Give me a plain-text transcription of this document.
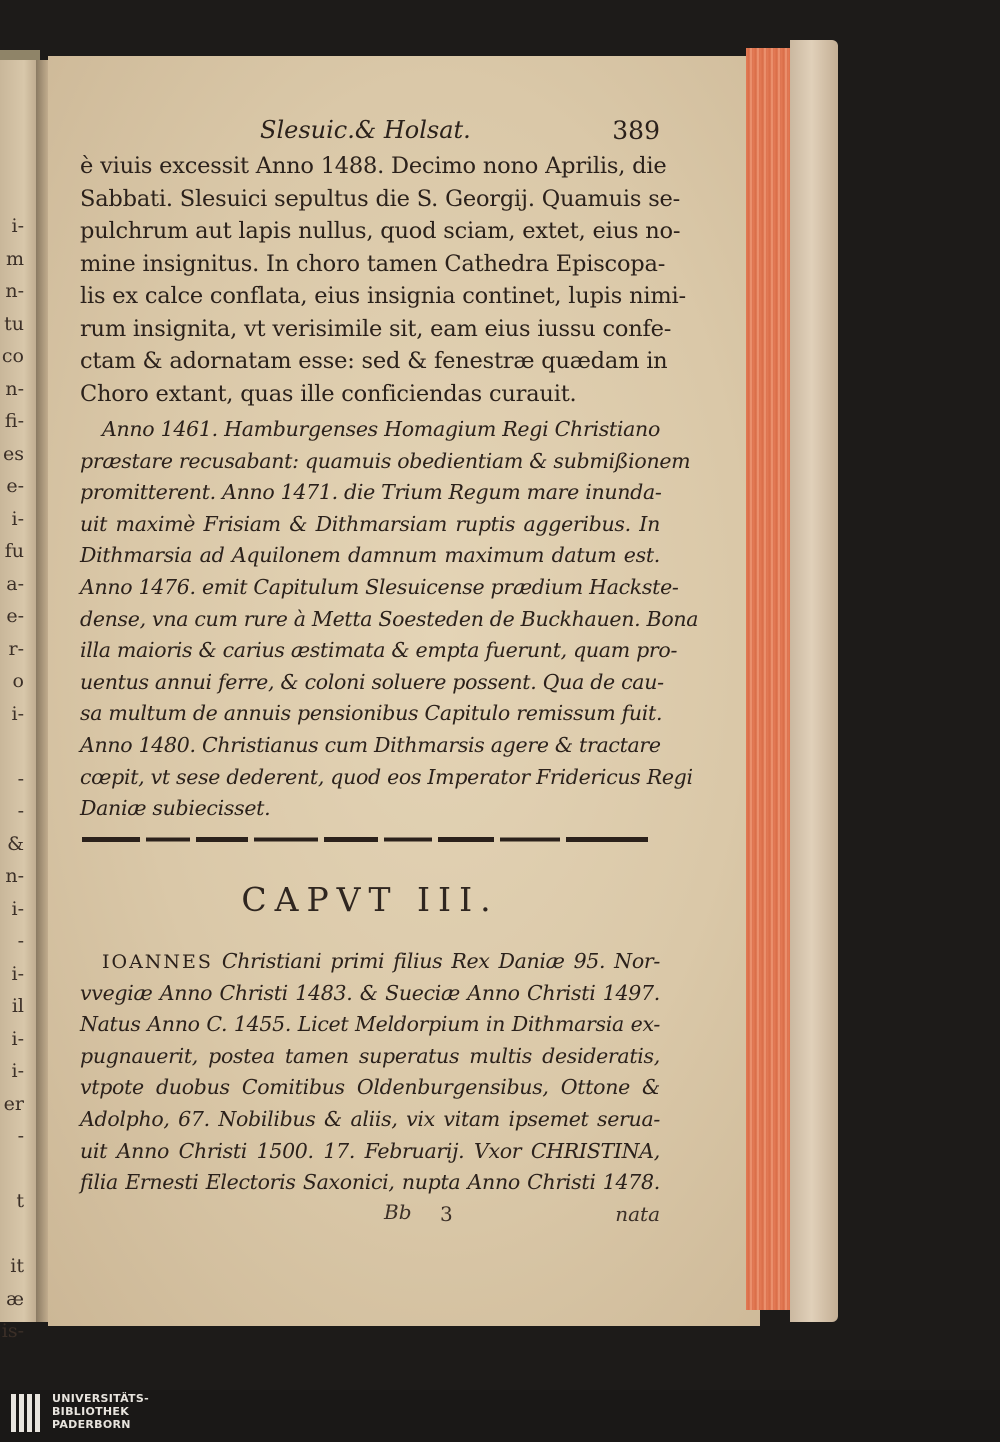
i-
m
n-
tu
co
n-
fi-
es
e-
i-
fu
a-
e-
r-
o
i-

-
-
&
n-
i-
-
i-
il
i-
i-
er
-

t

it
æ
is-
Slesuic.& Holsat.	389
è viuis excessit Anno 1488. Decimo nono Aprilis, die
Sabbati. Slesuici sepultus die S. Georgij. Quamuis se-
pulchrum aut lapis nullus, quod sciam, extet, eius no-
mine insignitus. In choro tamen Cathedra Episcopa-
lis ex calce conflata, eius insignia continet, lupis nimi-
rum insignita, vt verisimile sit, eam eius iussu confe-
ctam & adornatam esse: sed & fenestræ quædam in
Choro extant, quas ille conficiendas curauit.
Anno 1461. Hamburgenses Homagium Regi Christiano
præstare recusabant: quamuis obedientiam & submißionem
promitterent. Anno 1471. die Trium Regum mare inunda-
uit maximè Frisiam & Dithmarsiam ruptis aggeribus. In
Dithmarsia ad Aquilonem damnum maximum datum est.
Anno 1476. emit Capitulum Slesuicense prædium Hackste-
dense, vna cum rure à Metta Soesteden de Buckhauen. Bona
illa maioris & carius æstimata & empta fuerunt, quam pro-
uentus annui ferre, & coloni soluere possent. Qua de cau-
sa multum de annuis pensionibus Capitulo remissum fuit.
Anno 1480. Christianus cum Dithmarsis agere & tractare
cœpit, vt sese dederent, quod eos Imperator Fridericus Regi
Daniæ subiecisset.
CAPVT III.
IOANNES Christiani primi filius Rex Daniæ 95. Nor-
vvegiæ Anno Christi 1483. & Sueciæ Anno Christi 1497.
Natus Anno C. 1455. Licet Meldorpium in Dithmarsia ex-
pugnauerit, postea tamen superatus multis desideratis,
vtpote duobus Comitibus Oldenburgensibus, Ottone &
Adolpho, 67. Nobilibus & aliis, vix vitam ipsemet serua-
uit Anno Christi 1500. 17. Februarij. Vxor CHRISTINA,
filia Ernesti Electoris Saxonici, nupta Anno Christi 1478.
Bb 3	nata
UNIVERSITÄTS-
BIBLIOTHEK
PADERBORN
